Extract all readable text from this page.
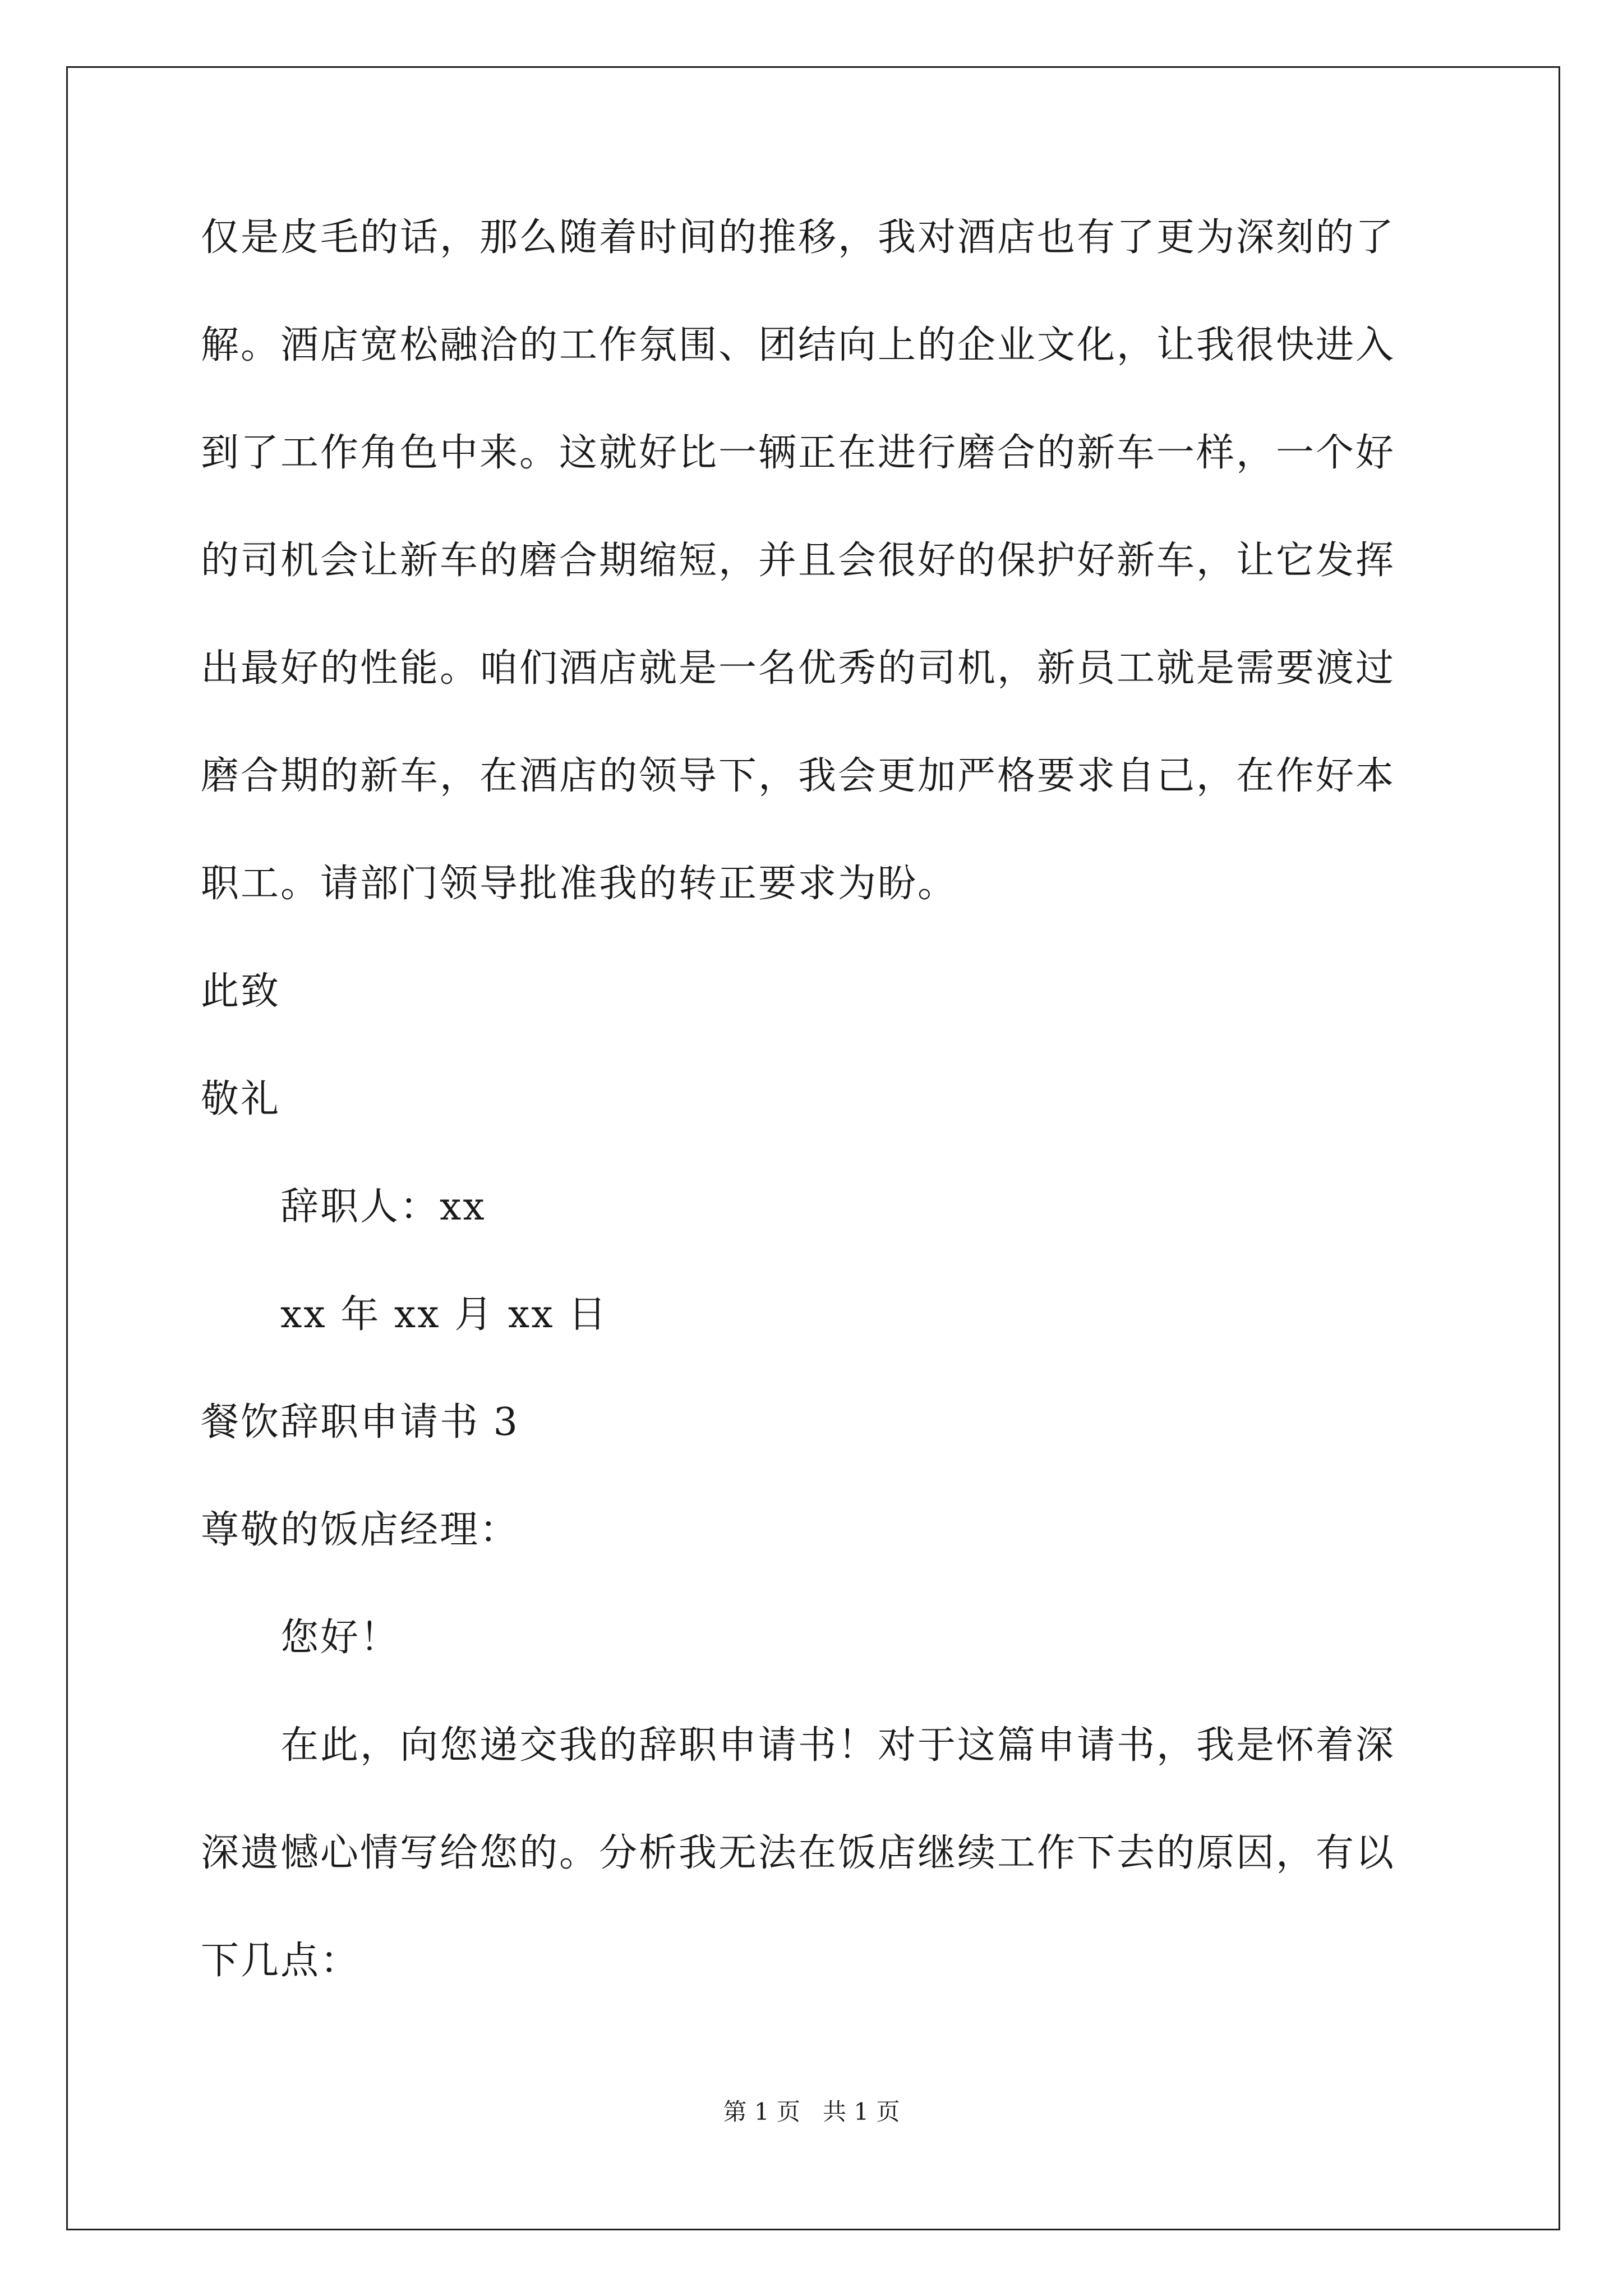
仅是皮毛的话，那么随着时间的推移，我对酒店也有了更为深刻的了
解。酒店宽松融洽的工作氛围、团结向上的企业文化，让我很快进入
到了工作角色中来。这就好比一辆正在进行磨合的新车一样，一个好
的司机会让新车的磨合期缩短，并且会很好的保护好新车，让它发挥
出最好的性能。咱们酒店就是一名优秀的司机，新员工就是需要渡过
磨合期的新车，在酒店的领导下，我会更加严格要求自己，在作好本
职工。请部门领导批准我的转正要求为盼。
此致
敬礼
辞职人：xx
xx 年 xx 月 xx 日
餐饮辞职申请书 3
尊敬的饭店经理：
您好！
在此，向您递交我的辞职申请书！对于这篇申请书，我是怀着深
深遗憾心情写给您的。分析我无法在饭店继续工作下去的原因，有以
下几点：
第 1 页   共 1 页
